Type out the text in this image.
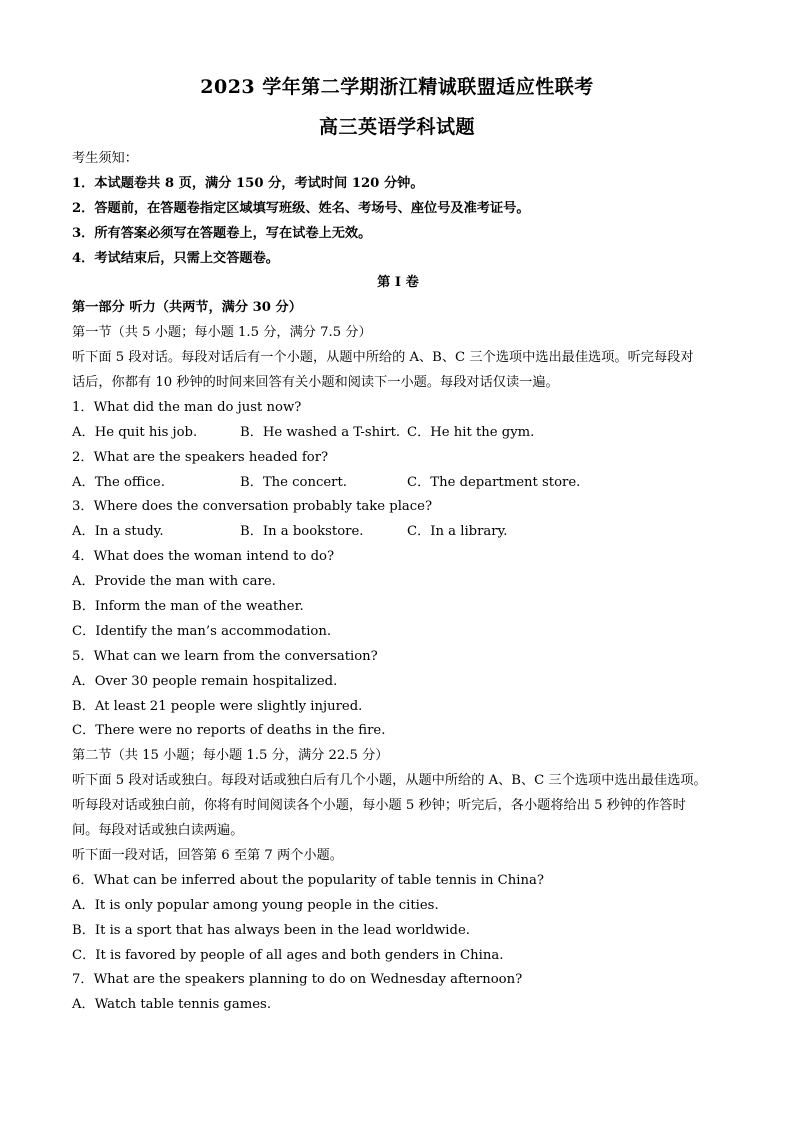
2023 学年第二学期浙江精诚联盟适应性联考
高三英语学科试题
考生须知：
1．本试题卷共 8 页，满分 150 分，考试时间 120 分钟。
2．答题前，在答题卷指定区域填写班级、姓名、考场号、座位号及准考证号。
3．所有答案必须写在答题卷上，写在试卷上无效。
4．考试结束后，只需上交答题卷。
第 I 卷
第一部分 听力（共两节，满分 30 分）
第一节（共 5 小题；每小题 1.5 分，满分 7.5 分）
听下面 5 段对话。每段对话后有一个小题，从题中所给的 A、B、C 三个选项中选出最佳选项。听完每段对
话后，你都有 10 秒钟的时间来回答有关小题和阅读下一小题。每段对话仅读一遍。
1．What did the man do just now?
A．He quit his job.	B．He washed a T-shirt. C．He hit the gym.
2．What are the speakers headed for?
A．The office.	B．The concert.	C．The department store.
3．Where does the conversation probably take place?
A．In a study.	B．In a bookstore.	C．In a library.
4．What does the woman intend to do?
A．Provide the man with care.
B．Inform the man of the weather.
C．Identify the man’s accommodation.
5．What can we learn from the conversation?
A．Over 30 people remain hospitalized.
B．At least 21 people were slightly injured.
C．There were no reports of deaths in the fire.
第二节（共 15 小题；每小题 1.5 分，满分 22.5 分）
听下面 5 段对话或独白。每段对话或独白后有几个小题，从题中所给的 A、B、C 三个选项中选出最佳选项。
听每段对话或独白前，你将有时间阅读各个小题，每小题 5 秒钟；听完后，各小题将给出 5 秒钟的作答时
间。每段对话或独白读两遍。
听下面一段对话，回答第 6 至第 7 两个小题。
6．What can be inferred about the popularity of table tennis in China?
A．It is only popular among young people in the cities.
B．It is a sport that has always been in the lead worldwide.
C．It is favored by people of all ages and both genders in China.
7．What are the speakers planning to do on Wednesday afternoon?
A．Watch table tennis games.
